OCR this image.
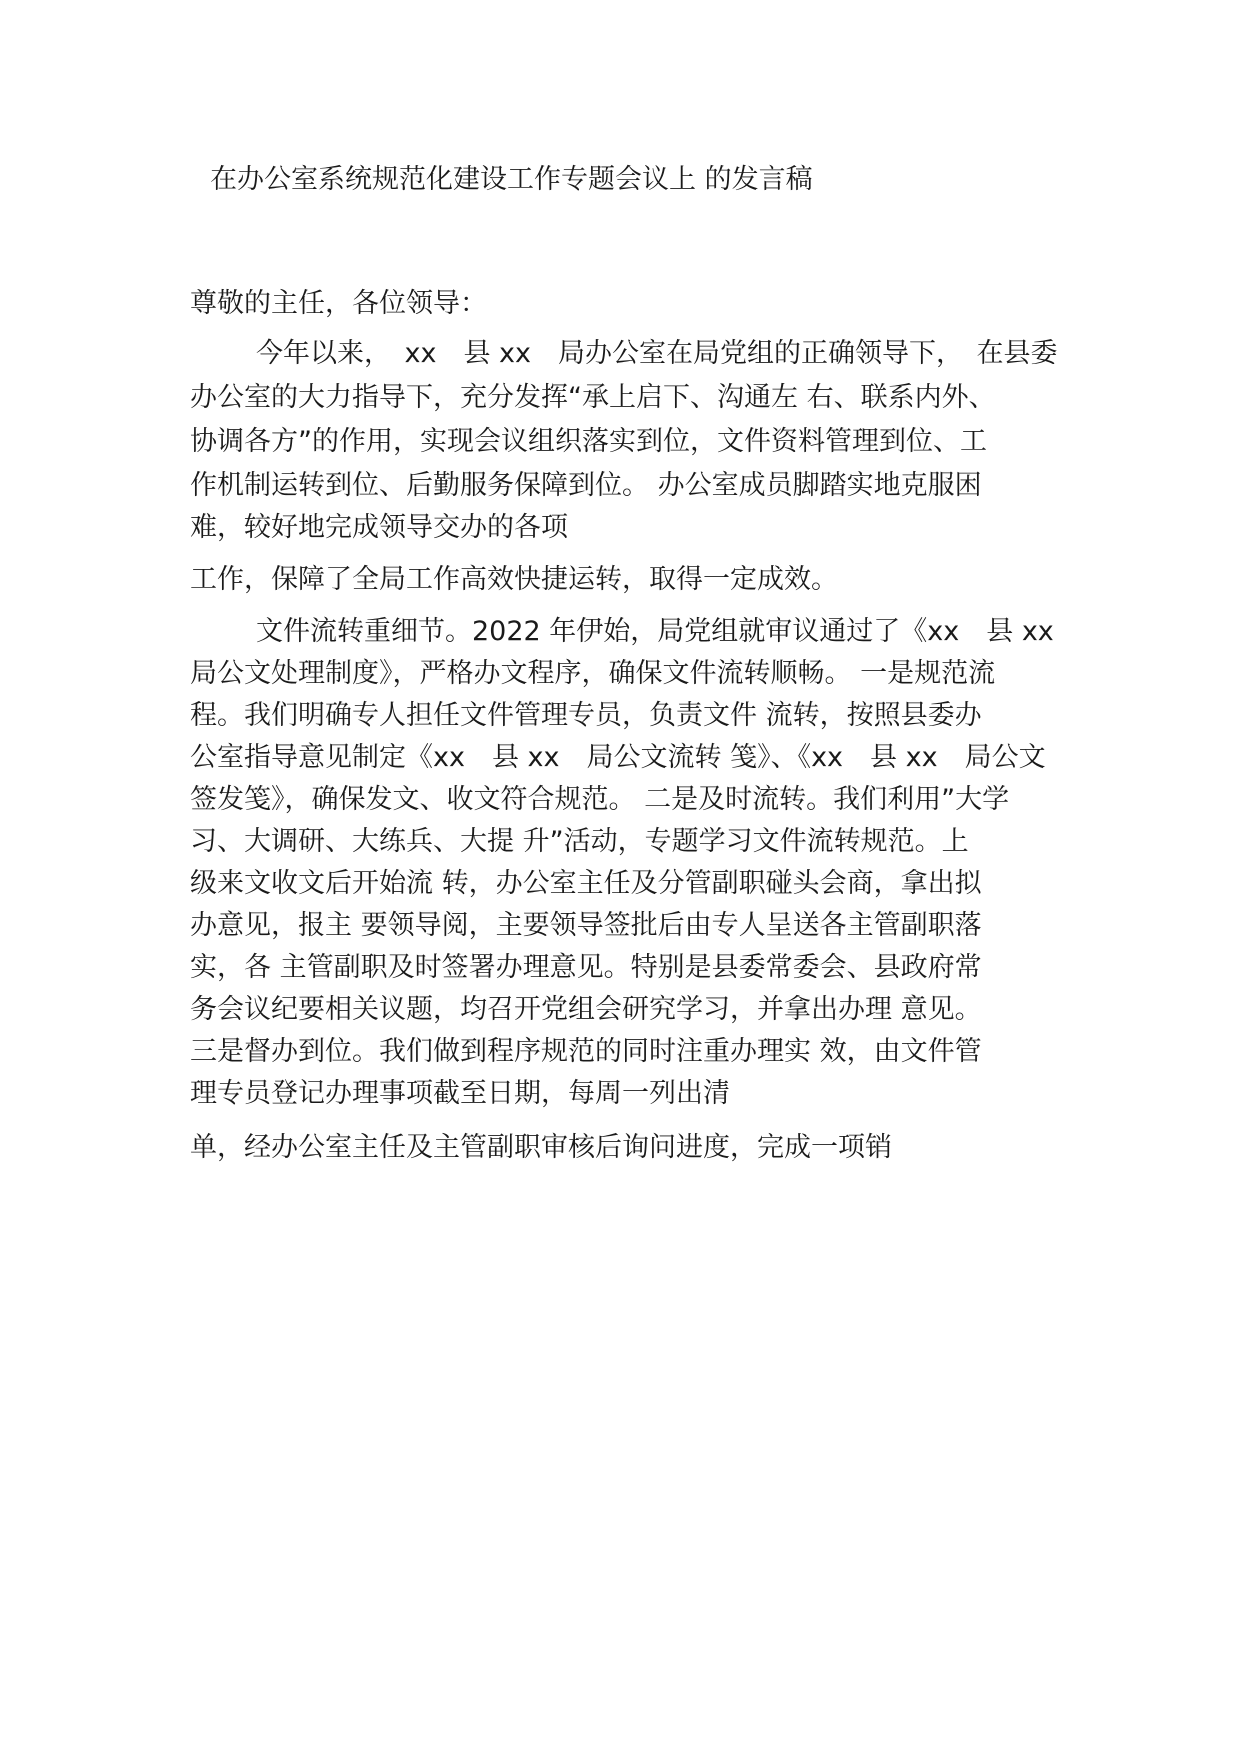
在办公室系统规范化建设工作专题会议上 的发言稿
尊敬的主任，各位领导：
今年以来，　xx　县 xx　局办公室在局党组的正确领导下，　在县委
办公室的大力指导下，充分发挥“承上启下、沟通左 右、联系内外、
协调各方”的作用，实现会议组织落实到位，文件资料管理到位、工
作机制运转到位、后勤服务保障到位。 办公室成员脚踏实地克服困
难，较好地完成领导交办的各项
工作，保障了全局工作高效快捷运转，取得一定成效。
文件流转重细节。2022 年伊始，局党组就审议通过了《xx　县 xx
局公文处理制度》，严格办文程序，确保文件流转顺畅。 一是规范流
程。我们明确专人担任文件管理专员，负责文件 流转，按照县委办
公室指导意见制定《xx　县 xx　局公文流转 笺》、《xx　县 xx　局公文
签发笺》，确保发文、收文符合规范。 二是及时流转。我们利用”大学
习、大调研、大练兵、大提 升”活动，专题学习文件流转规范。上
级来文收文后开始流 转，办公室主任及分管副职碰头会商，拿出拟
办意见，报主 要领导阅，主要领导签批后由专人呈送各主管副职落
实，各 主管副职及时签署办理意见。特别是县委常委会、县政府常
务会议纪要相关议题，均召开党组会研究学习，并拿出办理 意见。
三是督办到位。我们做到程序规范的同时注重办理实 效，由文件管
理专员登记办理事项截至日期，每周一列出清
单，经办公室主任及主管副职审核后询问进度，完成一项销
